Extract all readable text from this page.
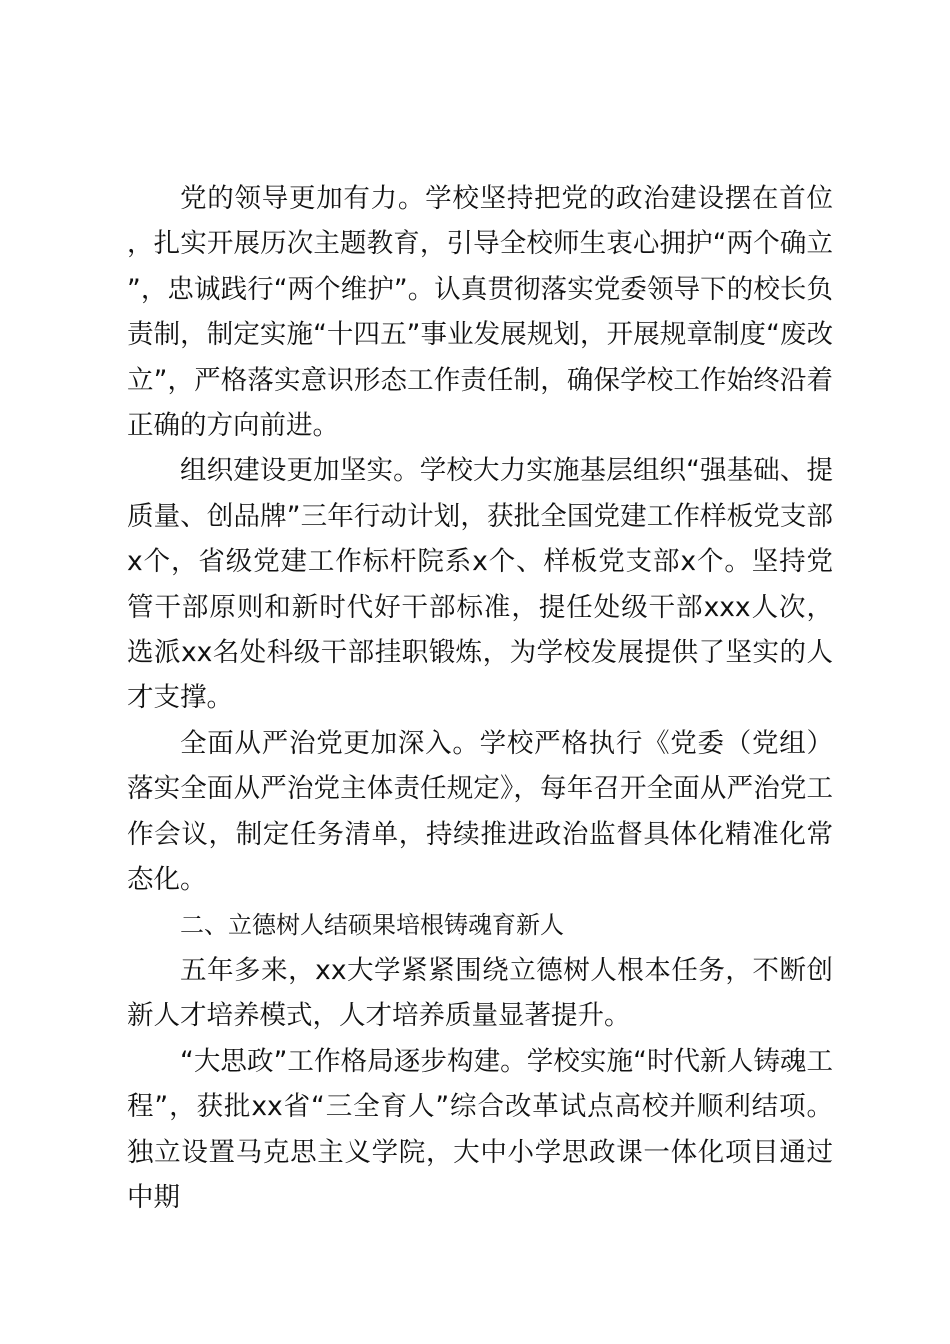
党的领导更加有力。学校坚持把党的政治建设摆在首位，扎实开展历次主题教育，引导全校师生衷心拥护“两个确立”，忠诚践行“两个维护”。认真贯彻落实党委领导下的校长负责制，制定实施“十四五”事业发展规划，开展规章制度“废改立”，严格落实意识形态工作责任制，确保学校工作始终沿着正确的方向前进。

组织建设更加坚实。学校大力实施基层组织“强基础、提质量、创品牌”三年行动计划，获批全国党建工作样板党支部x个，省级党建工作标杆院系x个、样板党支部x个。坚持党管干部原则和新时代好干部标准，提任处级干部xxx人次，选派xx名处科级干部挂职锻炼，为学校发展提供了坚实的人才支撑。

全面从严治党更加深入。学校严格执行《党委（党组）落实全面从严治党主体责任规定》，每年召开全面从严治党工作会议，制定任务清单，持续推进政治监督具体化精准化常态化。

二、立德树人结硕果培根铸魂育新人

五年多来，xx大学紧紧围绕立德树人根本任务，不断创新人才培养模式，人才培养质量显著提升。

“大思政”工作格局逐步构建。学校实施“时代新人铸魂工程”，获批xx省“三全育人”综合改革试点高校并顺利结项。独立设置马克思主义学院，大中小学思政课一体化项目通过中期
